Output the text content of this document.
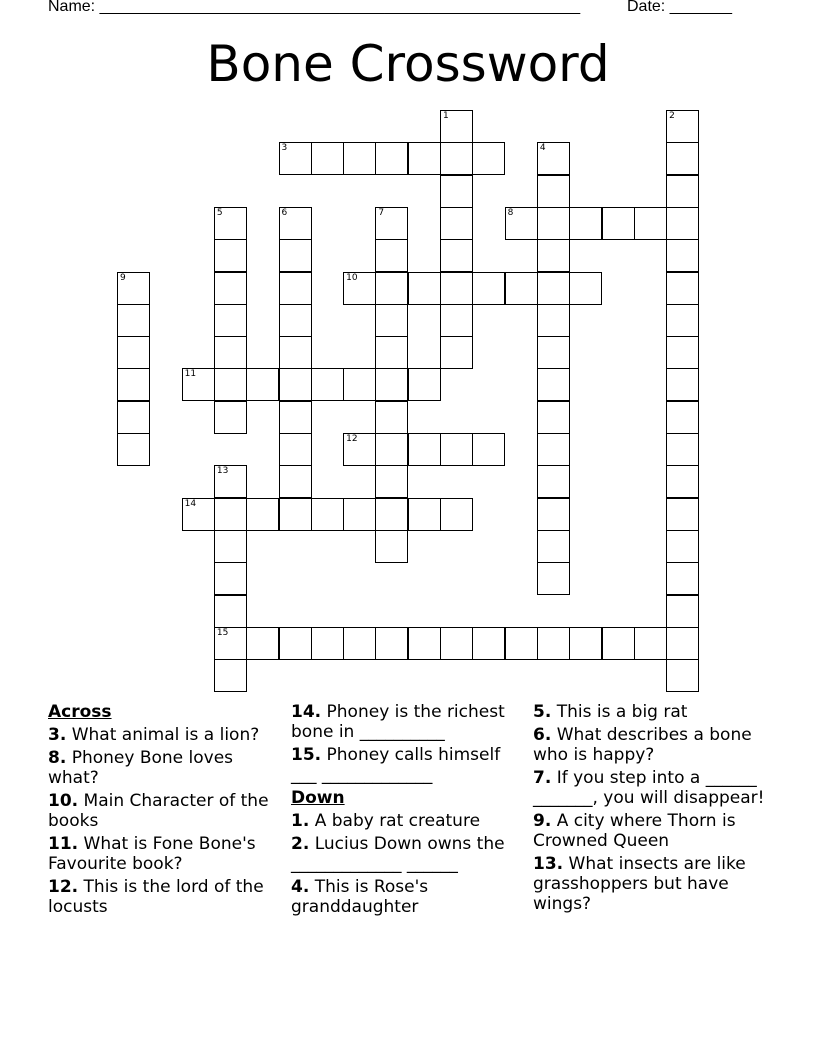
Name: ______________________________________________________	Date: _______
Bone Crossword
1	2
3	4
5	6	7	8
9	10
11
12
13
15
14
Across
3. What animal is a lion?
8. Phoney Bone loves what?
10. Main Character of the books
11. What is Fone Bone's Favourite book?
12. This is the lord of the locusts
14. Phoney is the richest bone in __________
15. Phoney calls himself ___ _____________
Down
1. A baby rat creature
2. Lucius Down owns the _____________ ______
4. This is Rose's granddaughter
5. This is a big rat
6. What describes a bone who is happy?
7. If you step into a ______ _______, you will disappear!
9. A city where Thorn is Crowned Queen
13. What insects are like grasshoppers but have wings?
